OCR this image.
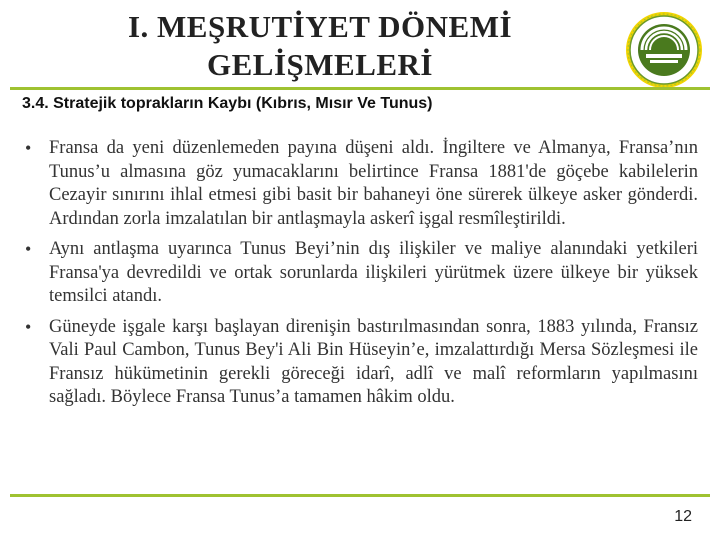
I. MEŞRUTİYET DÖNEMİ
GELİŞMELERİ
3.4. Stratejik toprakların Kaybı (Kıbrıs, Mısır Ve Tunus)
• Fransa da yeni düzenlemeden payına düşeni aldı. İngiltere ve Almanya, Fransa’nın Tunus’u almasına göz yumacaklarını belirtince Fransa 1881'de göçebe kabilelerin Cezayir sınırını ihlal etmesi gibi basit bir bahaneyi öne sürerek ülkeye asker gönderdi. Ardından zorla imzalatılan bir antlaşmayla askerî işgal resmîleştirildi.
• Aynı antlaşma uyarınca Tunus Beyi’nin dış ilişkiler ve maliye alanındaki yetkileri Fransa'ya devredildi ve ortak sorunlarda ilişkileri yürütmek üzere ülkeye bir yüksek temsilci atandı.
• Güneyde işgale karşı başlayan direnişin bastırılmasından sonra, 1883 yılında, Fransız Vali Paul Cambon, Tunus Bey'i Ali Bin Hüseyin’e, imzalattırdığı Mersa Sözleşmesi ile Fransız hükümetinin gerekli göreceği idarî, adlî ve malî reformların yapılmasını sağladı. Böylece Fransa Tunus’a tamamen hâkim oldu.
12
